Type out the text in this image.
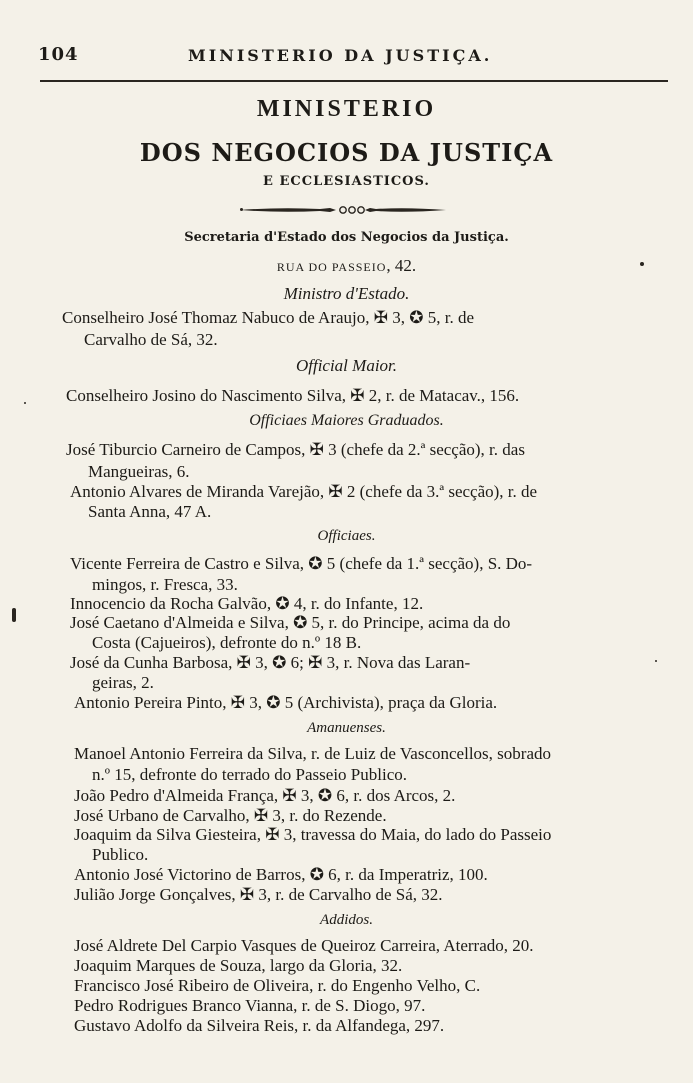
104	MINISTERIO DA JUSTIÇA.
MINISTERIO
DOS NEGOCIOS DA JUSTIÇA
E ECCLESIASTICOS.
Secretaria d'Estado dos Negocios da Justiça.
RUA DO PASSEIO, 42.
Ministro d'Estado.
Conselheiro José Thomaz Nabuco de Araujo, ✠ 3, ✪ 5, r. de
Carvalho de Sá, 32.
Official Maior.
Conselheiro Josino do Nascimento Silva, ✠ 2, r. de Matacav., 156.
Officiaes Maiores Graduados.
José Tiburcio Carneiro de Campos, ✠ 3 (chefe da 2.ª secção), r. das
Mangueiras, 6.
Antonio Alvares de Miranda Varejão, ✠ 2 (chefe da 3.ª secção), r. de
Santa Anna, 47 A.
Officiaes.
Vicente Ferreira de Castro e Silva, ✪ 5 (chefe da 1.ª secção), S. Do-
mingos, r. Fresca, 33.
Innocencio da Rocha Galvão, ✪ 4, r. do Infante, 12.
José Caetano d'Almeida e Silva, ✪ 5, r. do Principe, acima da do
Costa (Cajueiros), defronte do n.º 18 B.
José da Cunha Barbosa, ✠ 3, ✪ 6; ✠ 3, r. Nova das Laran-
geiras, 2.
Antonio Pereira Pinto, ✠ 3, ✪ 5 (Archivista), praça da Gloria.
Amanuenses.
Manoel Antonio Ferreira da Silva, r. de Luiz de Vasconcellos, sobrado
n.º 15, defronte do terrado do Passeio Publico.
João Pedro d'Almeida França, ✠ 3, ✪ 6, r. dos Arcos, 2.
José Urbano de Carvalho, ✠ 3, r. do Rezende.
Joaquim da Silva Giesteira, ✠ 3, travessa do Maia, do lado do Passeio
Publico.
Antonio José Victorino de Barros, ✪ 6, r. da Imperatriz, 100.
Julião Jorge Gonçalves, ✠ 3, r. de Carvalho de Sá, 32.
Addidos.
José Aldrete Del Carpio Vasques de Queiroz Carreira, Aterrado, 20.
Joaquim Marques de Souza, largo da Gloria, 32.
Francisco José Ribeiro de Oliveira, r. do Engenho Velho, C.
Pedro Rodrigues Branco Vianna, r. de S. Diogo, 97.
Gustavo Adolfo da Silveira Reis, r. da Alfandega, 297.
